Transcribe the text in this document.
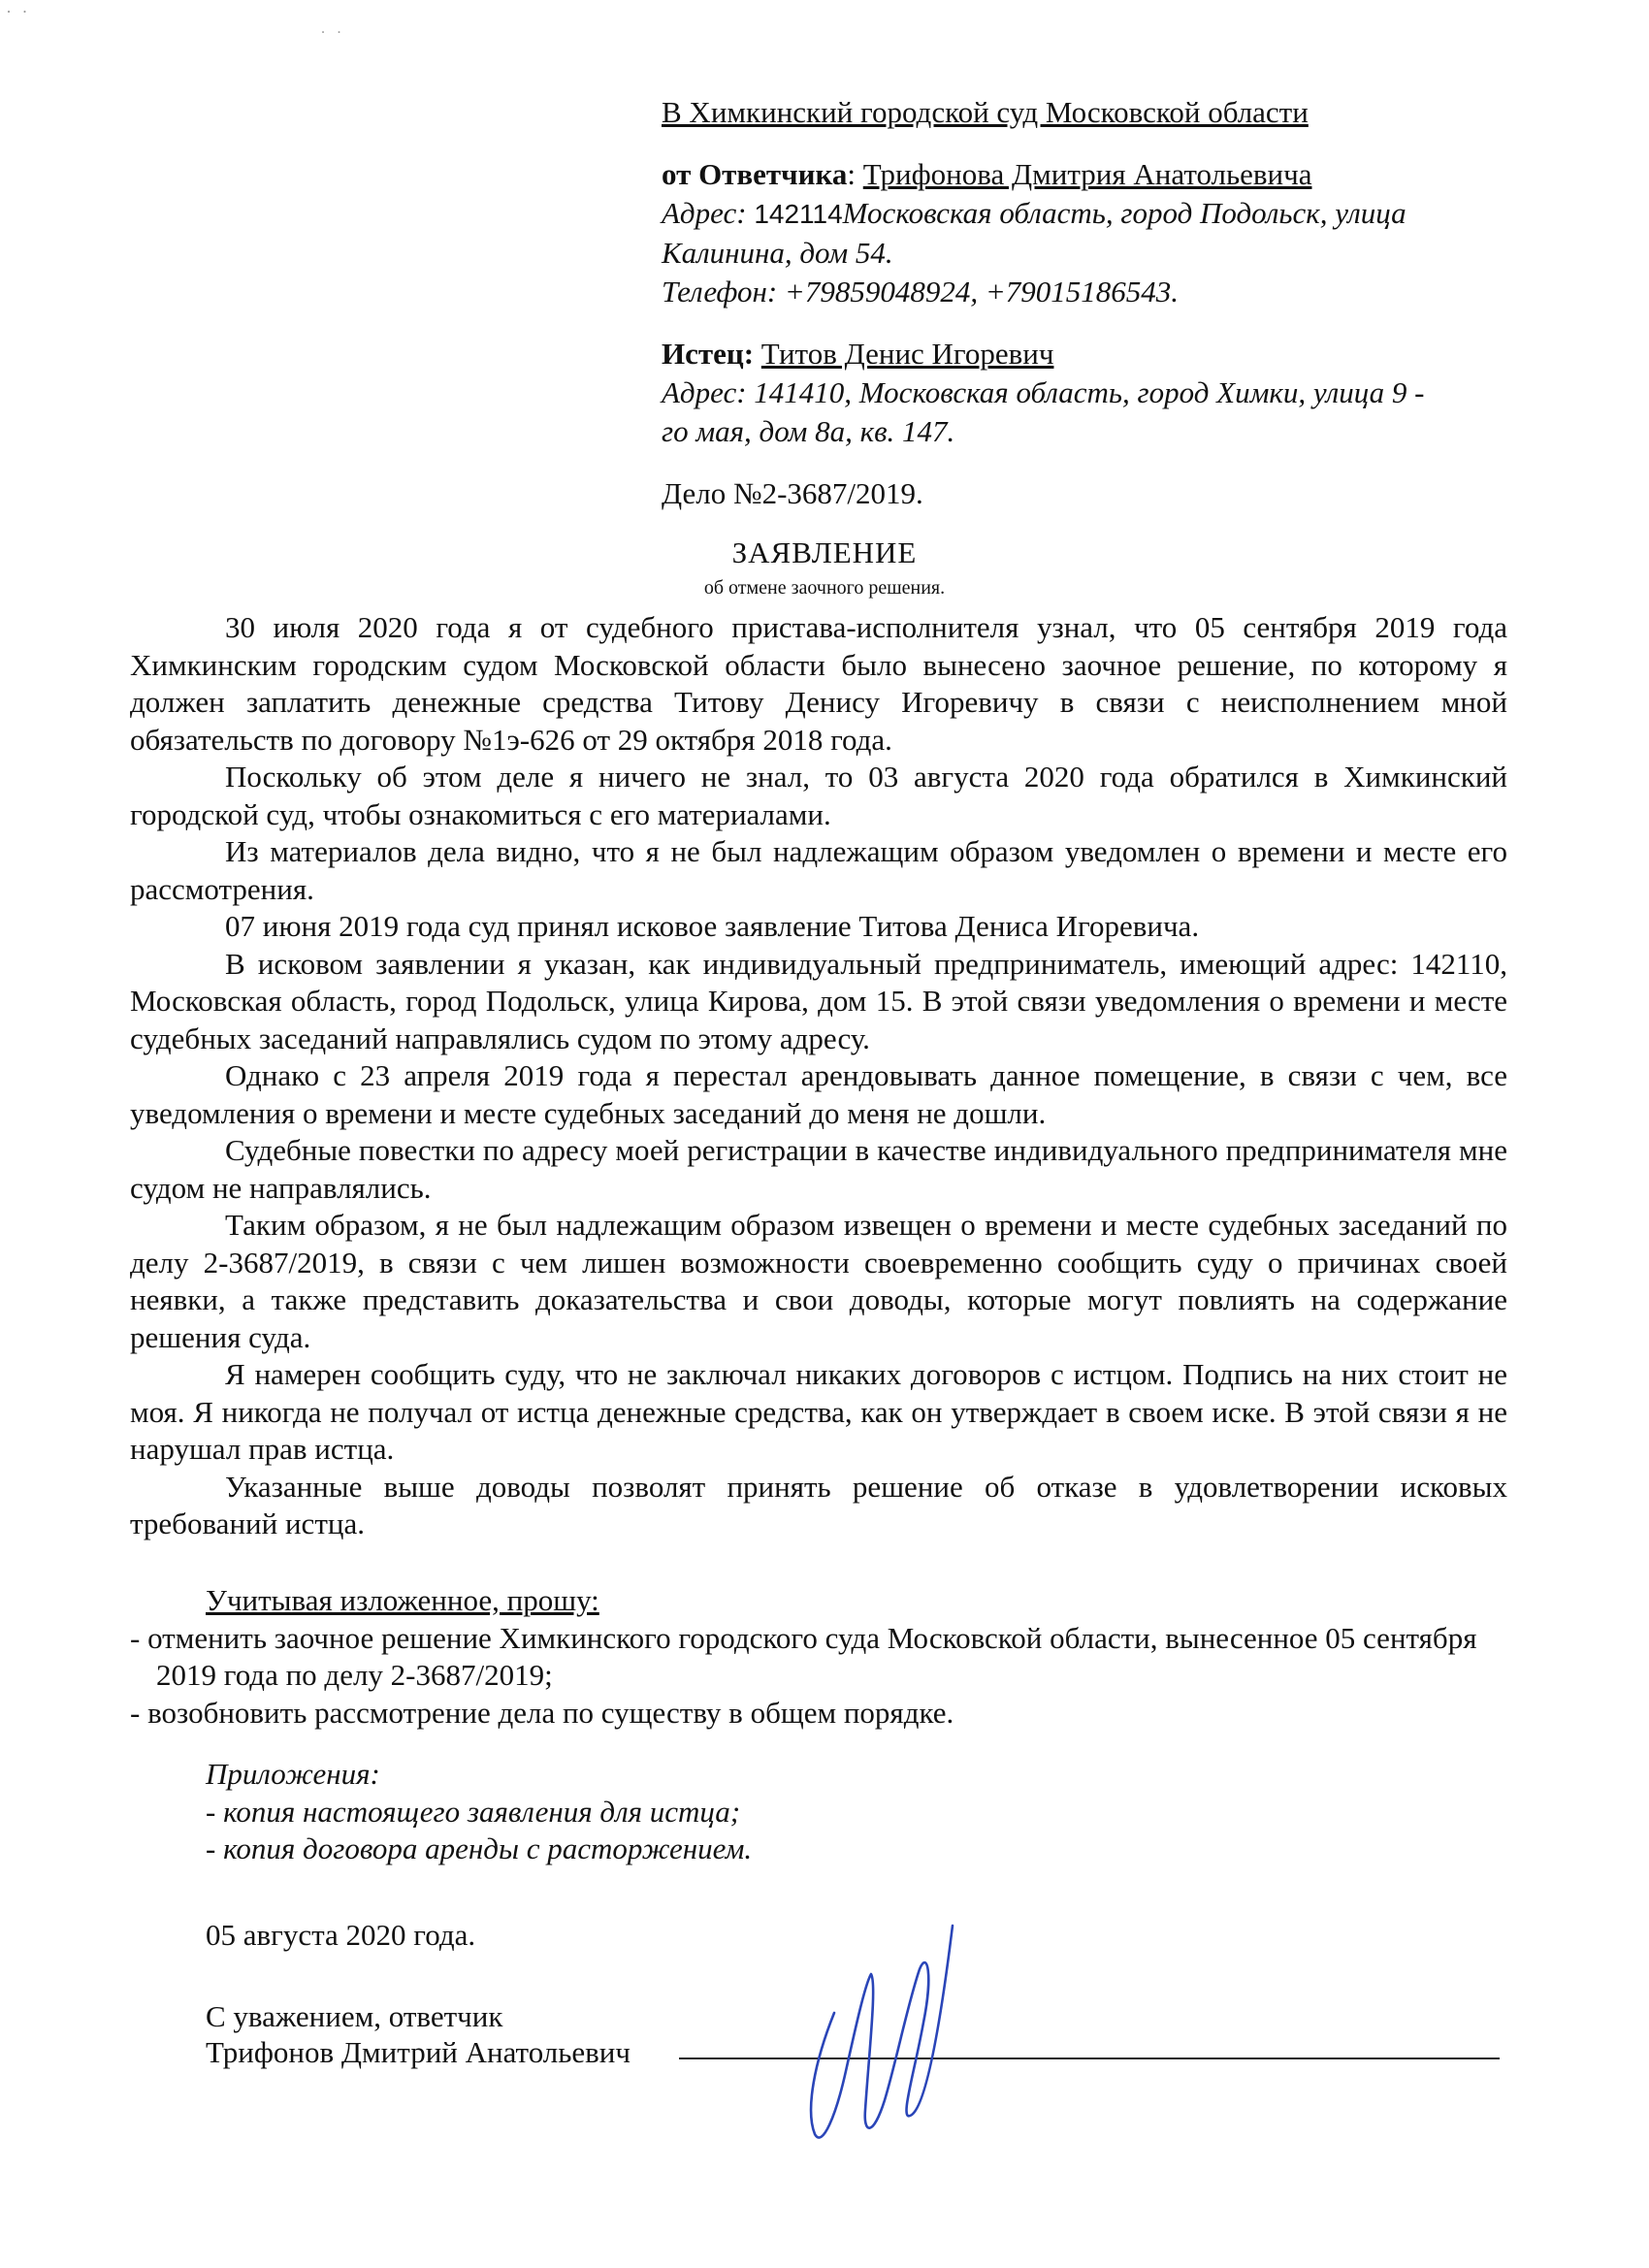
· ·
˙ ˙
В Химкинский городской суд Московской области
от Ответчика: Трифонова Дмитрия Анатольевича
Адрес: 142114Московская область, город Подольск, улица
Калинина, дом 54.
Телефон: +79859048924, +79015186543.
Истец: Титов Денис Игоревич
Адрес: 141410, Московская область, город Химки, улица 9 -
го мая, дом 8а, кв. 147.
Дело №2-3687/2019.
ЗАЯВЛЕНИЕ
об отмене заочного решения.

30 июля 2020 года я от судебного пристава-исполнителя узнал, что 05 сентября 2019 года Химкинским городским судом Московской области было вынесено заочное решение, по которому я должен заплатить денежные средства Титову Денису Игоревичу в связи с неисполнением мной обязательств по договору №1э-626 от 29 октября 2018 года.

Поскольку об этом деле я ничего не знал, то 03 августа 2020 года обратился в Химкинский городской суд, чтобы ознакомиться с его материалами.

Из материалов дела видно, что я не был надлежащим образом уведомлен о времени и месте его рассмотрения.

07 июня 2019 года суд принял исковое заявление Титова Дениса Игоревича.

В исковом заявлении я указан, как индивидуальный предприниматель, имеющий адрес: 142110, Московская область, город Подольск, улица Кирова, дом 15. В этой связи уведомления о времени и месте судебных заседаний направлялись судом по этому адресу.

Однако с 23 апреля 2019 года я перестал арендовывать данное помещение, в связи с чем, все уведомления о времени и месте судебных заседаний до меня не дошли.

Судебные повестки по адресу моей регистрации в качестве индивидуального предпринимателя мне судом не направлялись.

Таким образом, я не был надлежащим образом извещен о времени и месте судебных заседаний по делу 2-3687/2019, в связи с чем лишен возможности своевременно сообщить суду о причинах своей неявки, а также представить доказательства и свои доводы, которые могут повлиять на содержание решения суда.

Я намерен сообщить суду, что не заключал никаких договоров с истцом. Подпись на них стоит не моя. Я никогда не получал от истца денежные средства, как он утверждает в своем иске. В этой связи я не нарушал прав истца.

Указанные выше доводы позволят принять решение об отказе в удовлетворении исковых требований истца.

Учитывая изложенное, прошу:
- отменить заочное решение Химкинского городского суда Московской области, вынесенное 05 сентября 2019 года по делу 2-3687/2019;
- возобновить рассмотрение дела по существу в общем порядке.
Приложения:
- копия настоящего заявления для истца;
- копия договора аренды с расторжением.
05 августа 2020 года.
С уважением, ответчик
Трифонов Дмитрий Анатольевич
